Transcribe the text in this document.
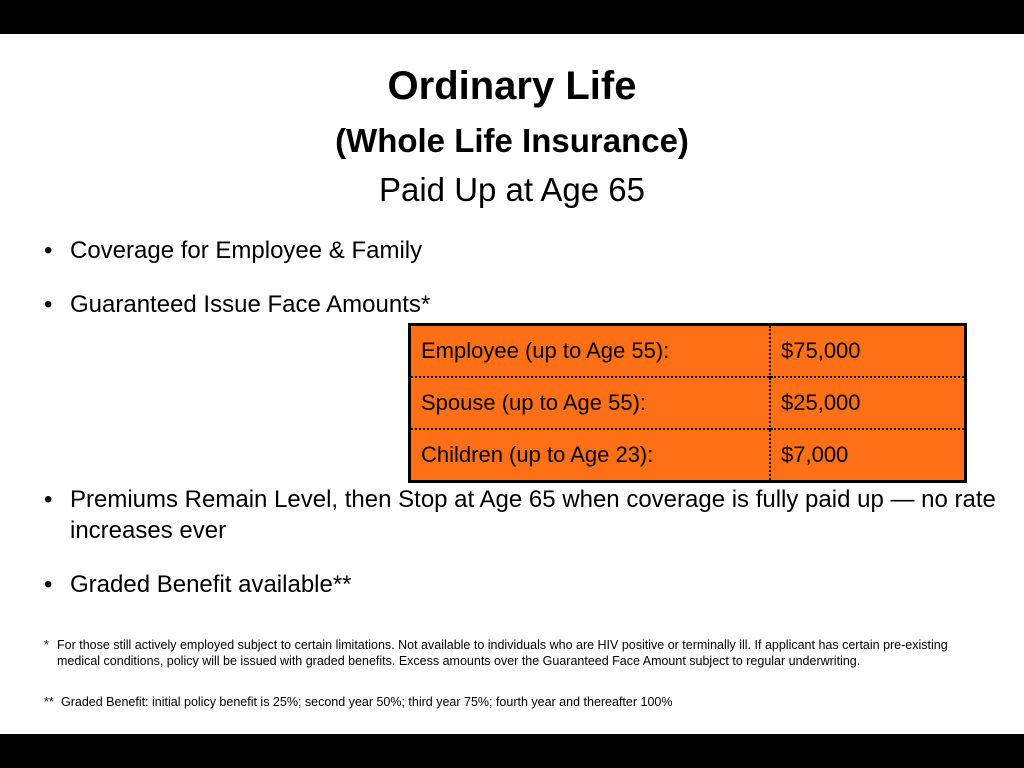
Ordinary Life
(Whole Life Insurance)
Paid Up at Age 65
• Coverage for Employee & Family
• Guaranteed Issue Face Amounts*
Employee (up to Age 55):	$75,000
Spouse (up to Age 55):	$25,000
Children (up to Age 23):	$7,000
• Premiums Remain Level, then Stop at Age 65 when coverage is fully paid up — no rate increases ever
• Graded Benefit available**
* For those still actively employed subject to certain limitations. Not available to individuals who are HIV positive or terminally ill. If applicant has certain pre-existing medical conditions, policy will be issued with graded benefits. Excess amounts over the Guaranteed Face Amount subject to regular underwriting.
** Graded Benefit: initial policy benefit is 25%; second year 50%; third year 75%; fourth year and thereafter 100%
